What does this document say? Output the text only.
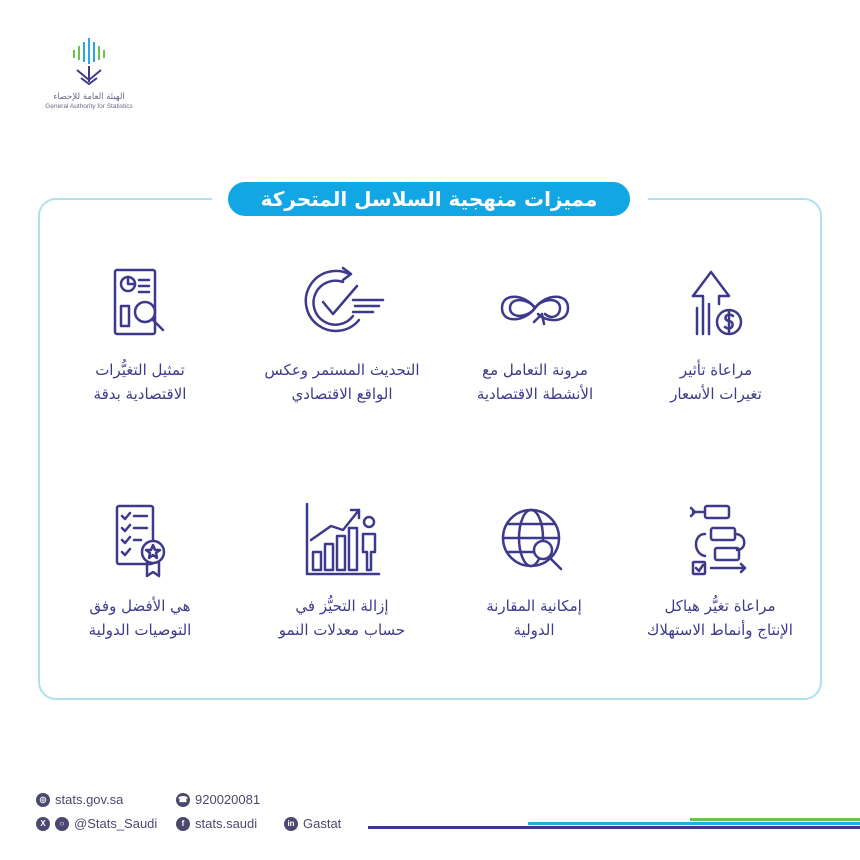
الهيئة العامة للإحصاء
General Authority for Statistics
مميزات منهجية السلاسل المتحركة
مراعاة تأثير
تغيرات الأسعار
مرونة التعامل مع
الأنشطة الاقتصادية
التحديث المستمر وعكس
الواقع الاقتصادي
تمثيل التغيُّرات
الاقتصادية بدقة
مراعاة تغيُّر هياكل
الإنتاج وأنماط الاستهلاك
إمكانية المقارنة
الدولية
إزالة التحيُّز في
حساب معدلات النمو
هي الأفضل وفق
التوصيات الدولية
◎ stats.gov.sa	☎ 920020081
X	○ @Stats_Saudi	f stats.saudi	in Gastat
